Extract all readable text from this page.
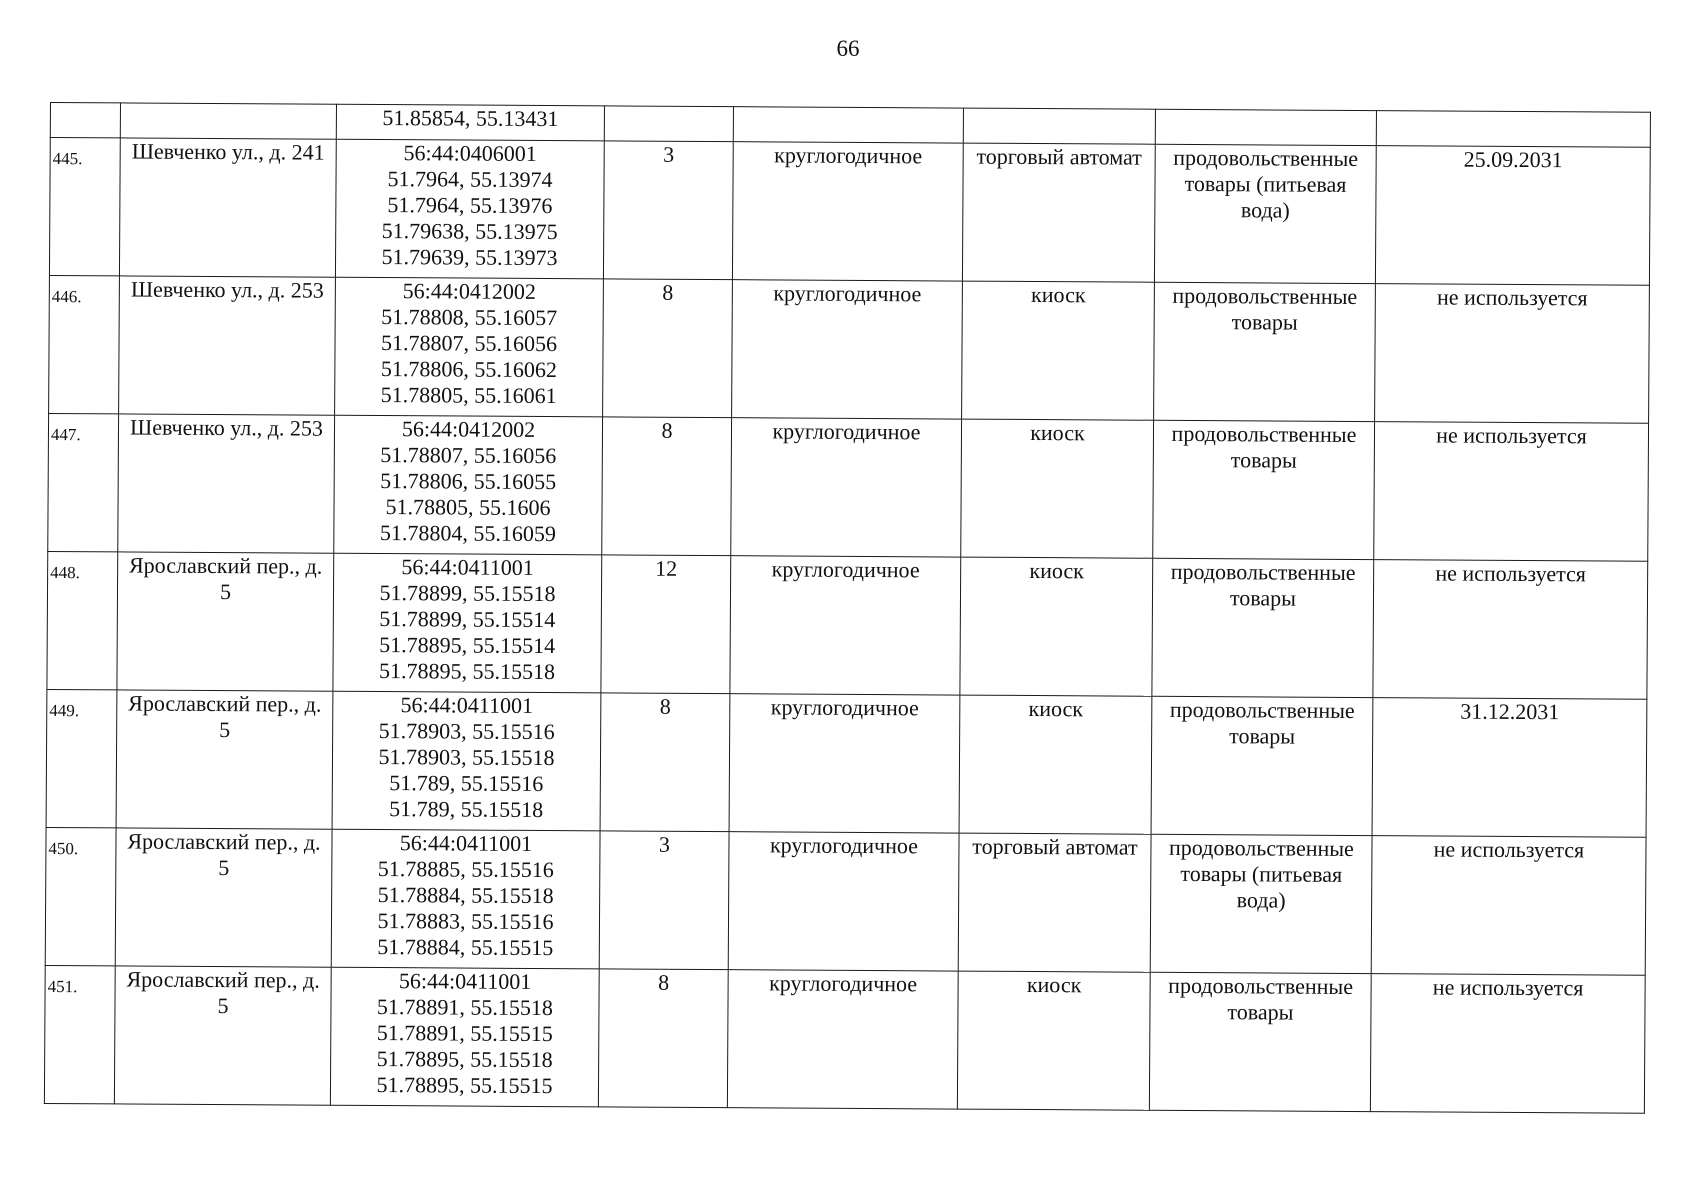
66

		51.85854, 55.13431					

445.	Шевченко ул., д. 241	56:44:0406001
51.7964, 55.13974
51.7964, 55.13976
51.79638, 55.13975
51.79639, 55.13973	3	круглогодичное	торговый автомат	продовольственные товары (питьевая вода)	25.09.2031

446.	Шевченко ул., д. 253	56:44:0412002
51.78808, 55.16057
51.78807, 55.16056
51.78806, 55.16062
51.78805, 55.16061	8	круглогодичное	киоск	продовольственные товары	не используется

447.	Шевченко ул., д. 253	56:44:0412002
51.78807, 55.16056
51.78806, 55.16055
51.78805, 55.1606
51.78804, 55.16059	8	круглогодичное	киоск	продовольственные товары	не используется

448.	Ярославский пер., д. 5	56:44:0411001
51.78899, 55.15518
51.78899, 55.15514
51.78895, 55.15514
51.78895, 55.15518	12	круглогодичное	киоск	продовольственные товары	не используется

449.	Ярославский пер., д. 5	56:44:0411001
51.78903, 55.15516
51.78903, 55.15518
51.789, 55.15516
51.789, 55.15518	8	круглогодичное	киоск	продовольственные товары	31.12.2031

450.	Ярославский пер., д. 5	56:44:0411001
51.78885, 55.15516
51.78884, 55.15518
51.78883, 55.15516
51.78884, 55.15515	3	круглогодичное	торговый автомат	продовольственные товары (питьевая вода)	не используется

451.	Ярославский пер., д. 5	56:44:0411001
51.78891, 55.15518
51.78891, 55.15515
51.78895, 55.15518
51.78895, 55.15515	8	круглогодичное	киоск	продовольственные товары	не используется
